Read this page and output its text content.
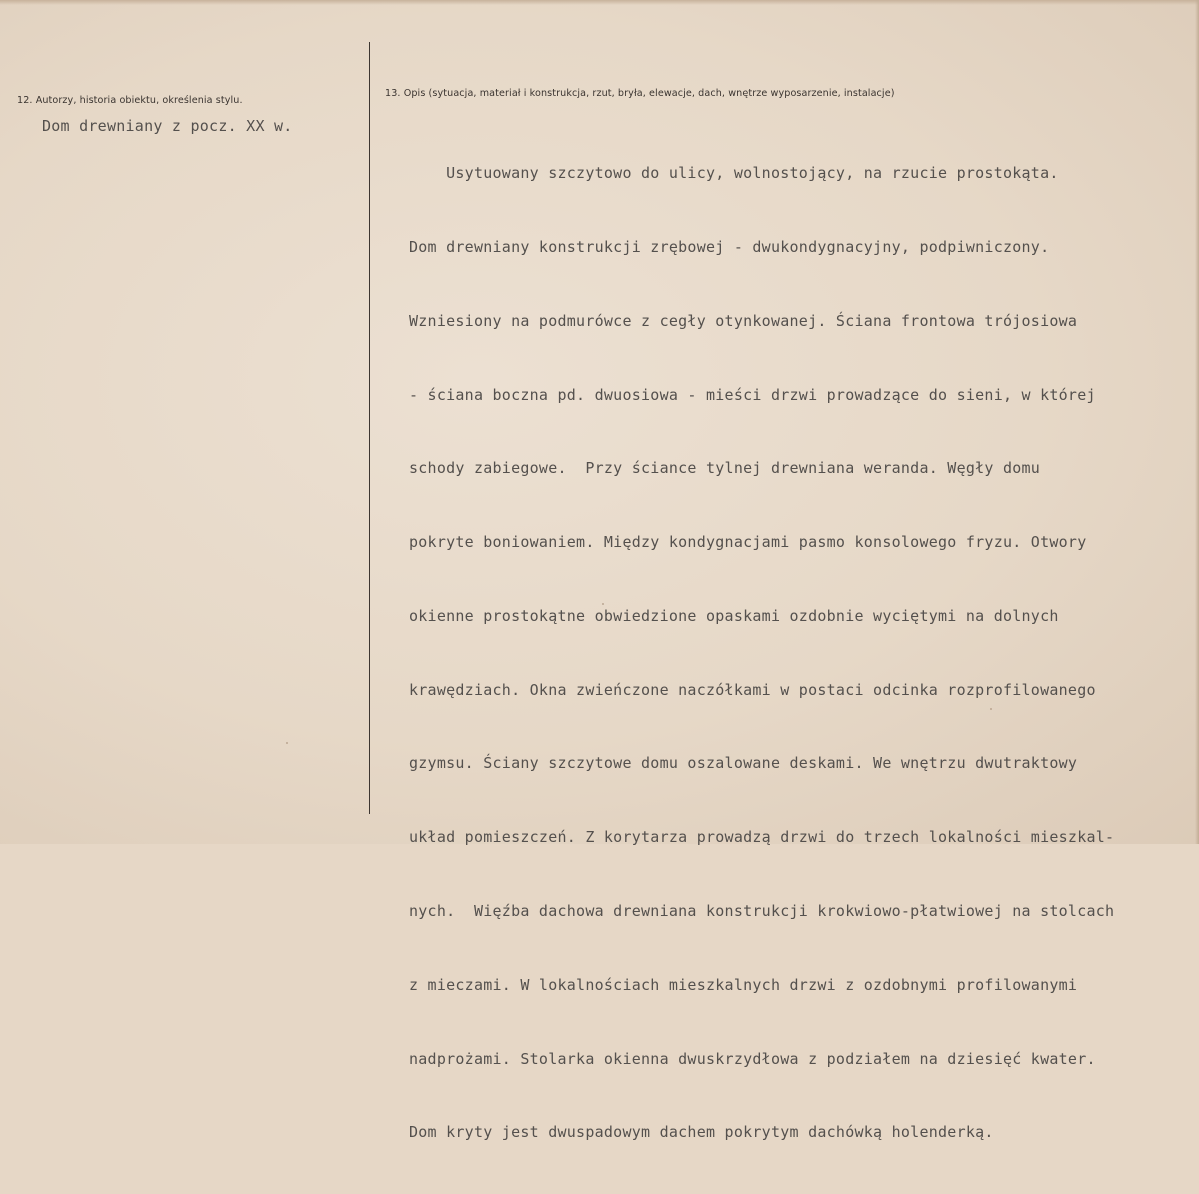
12. Autorzy, historia obiektu, określenia stylu.
Dom drewniany z pocz. XX w.
13. Opis (sytuacja, materiał i konstrukcja, rzut, bryła, elewacje, dach, wnętrze wyposarzenie, instalacje)

Usytuowany szczytowo do ulicy, wolnostojący, na rzucie prostokąta.

Dom drewniany konstrukcji zrębowej - dwukondygnacyjny, podpiwniczony.

Wzniesiony na podmurówce z cegły otynkowanej. Ściana frontowa trójosiowa

- ściana boczna pd. dwuosiowa - mieści drzwi prowadzące do sieni, w której

schody zabiegowe.  Przy ściance tylnej drewniana weranda. Węgły domu

pokryte boniowaniem. Między kondygnacjami pasmo konsolowego fryzu. Otwory

okienne prostokątne obwiedzione opaskami ozdobnie wyciętymi na dolnych

krawędziach. Okna zwieńczone naczółkami w postaci odcinka rozprofilowanego

gzymsu. Ściany szczytowe domu oszalowane deskami. We wnętrzu dwutraktowy

układ pomieszczeń. Z korytarza prowadzą drzwi do trzech lokalności mieszkal-

nych.  Więźba dachowa drewniana konstrukcji krokwiowo-płatwiowej na stolcach

z mieczami. W lokalnościach mieszkalnych drzwi z ozdobnymi profilowanymi

nadprożami. Stolarka okienna dwuskrzydłowa z podziałem na dziesięć kwater.

Dom kryty jest dwuspadowym dachem pokrytym dachówką holenderką.
